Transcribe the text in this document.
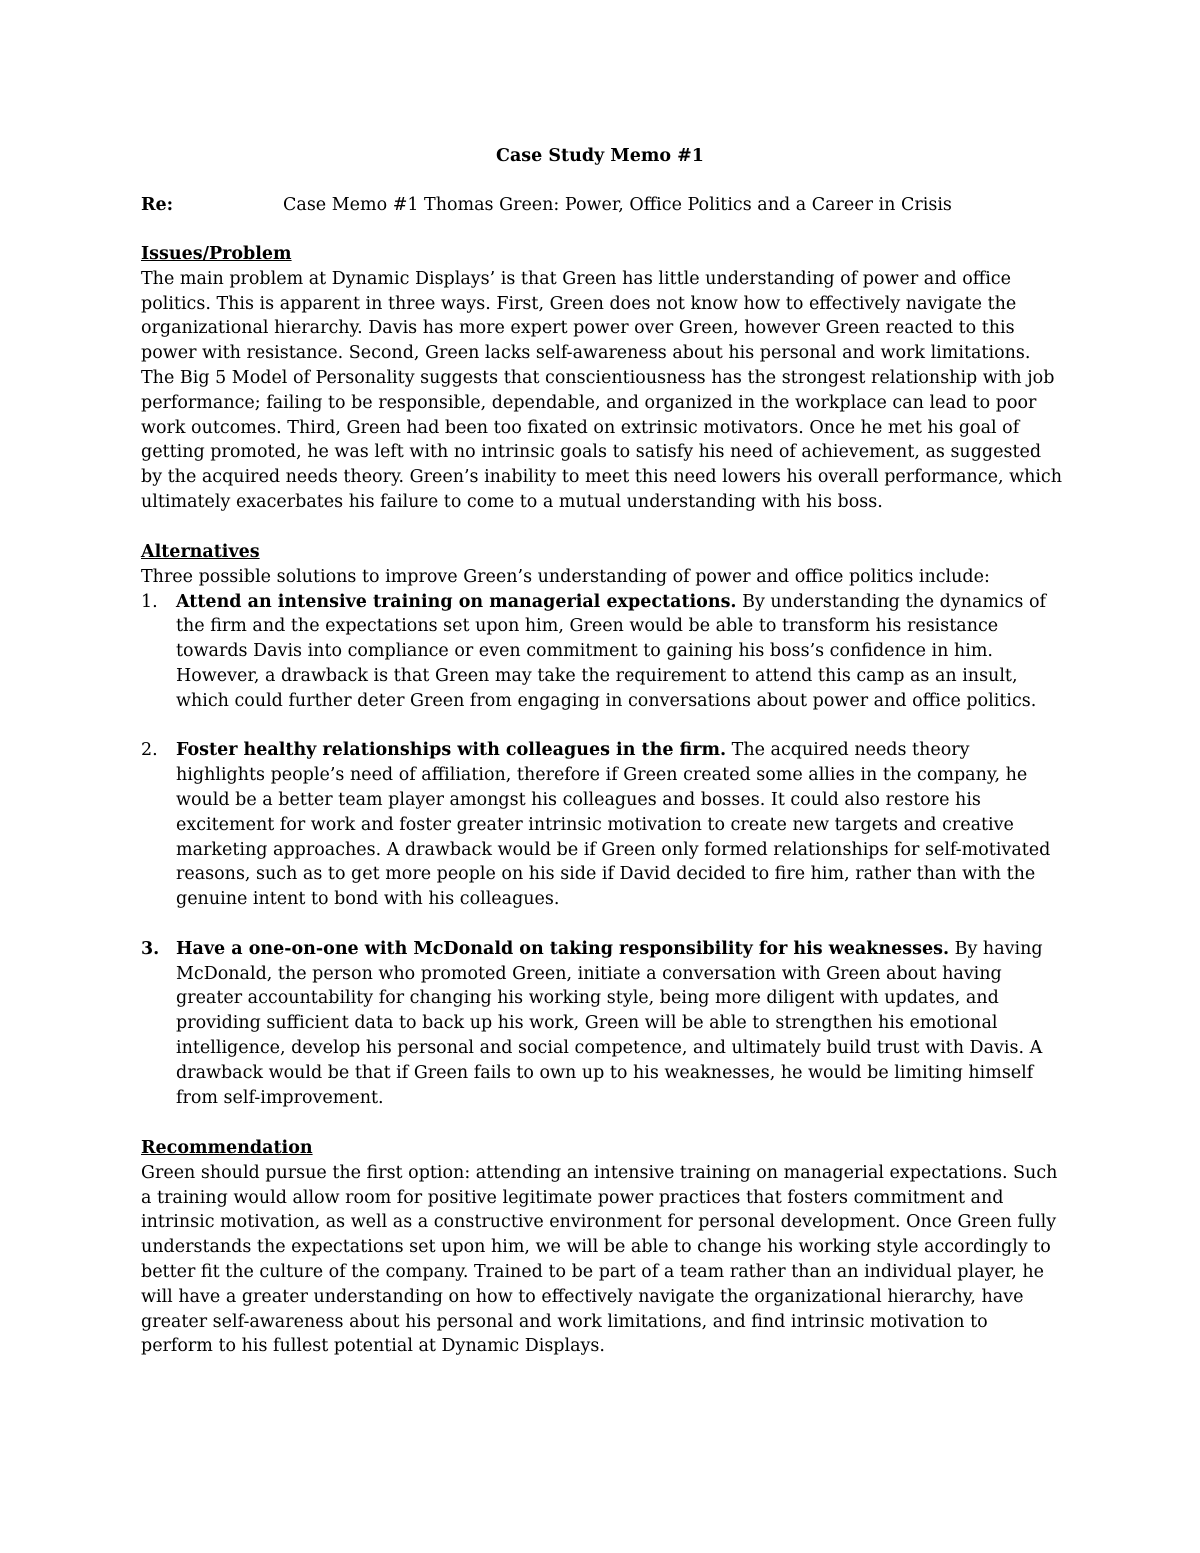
Case Study Memo #1
Re:	Case Memo #1 Thomas Green: Power, Office Politics and a Career in Crisis

Issues/Problem

The main problem at Dynamic Displays’ is that Green has little understanding of power and office politics. This is apparent in three ways. First, Green does not know how to effectively navigate the organizational hierarchy. Davis has more expert power over Green, however Green reacted to this power with resistance. Second, Green lacks self-awareness about his personal and work limitations. The Big 5 Model of Personality suggests that conscientiousness has the strongest relationship with job performance; failing to be responsible, dependable, and organized in the workplace can lead to poor work outcomes. Third, Green had been too fixated on extrinsic motivators. Once he met his goal of getting promoted, he was left with no intrinsic goals to satisfy his need of achievement, as suggested by the acquired needs theory. Green’s inability to meet this need lowers his overall performance, which ultimately exacerbates his failure to come to a mutual understanding with his boss.

Alternatives

Three possible solutions to improve Green’s understanding of power and office politics include:

1. Attend an intensive training on managerial expectations. By understanding the dynamics of the firm and the expectations set upon him, Green would be able to transform his resistance towards Davis into compliance or even commitment to gaining his boss’s confidence in him. However, a drawback is that Green may take the requirement to attend this camp as an insult, which could further deter Green from engaging in conversations about power and office politics.
2. Foster healthy relationships with colleagues in the firm. The acquired needs theory highlights people’s need of affiliation, therefore if Green created some allies in the company, he would be a better team player amongst his colleagues and bosses. It could also restore his excitement for work and foster greater intrinsic motivation to create new targets and creative marketing approaches. A drawback would be if Green only formed relationships for self-motivated reasons, such as to get more people on his side if David decided to fire him, rather than with the genuine intent to bond with his colleagues.
3. Have a one-on-one with McDonald on taking responsibility for his weaknesses. By having McDonald, the person who promoted Green, initiate a conversation with Green about having greater accountability for changing his working style, being more diligent with updates, and providing sufficient data to back up his work, Green will be able to strengthen his emotional intelligence, develop his personal and social competence, and ultimately build trust with Davis. A drawback would be that if Green fails to own up to his weaknesses, he would be limiting himself from self-improvement.

Recommendation

Green should pursue the first option: attending an intensive training on managerial expectations. Such a training would allow room for positive legitimate power practices that fosters commitment and intrinsic motivation, as well as a constructive environment for personal development. Once Green fully understands the expectations set upon him, we will be able to change his working style accordingly to better fit the culture of the company. Trained to be part of a team rather than an individual player, he will have a greater understanding on how to effectively navigate the organizational hierarchy, have greater self-awareness about his personal and work limitations, and find intrinsic motivation to perform to his fullest potential at Dynamic Displays.
